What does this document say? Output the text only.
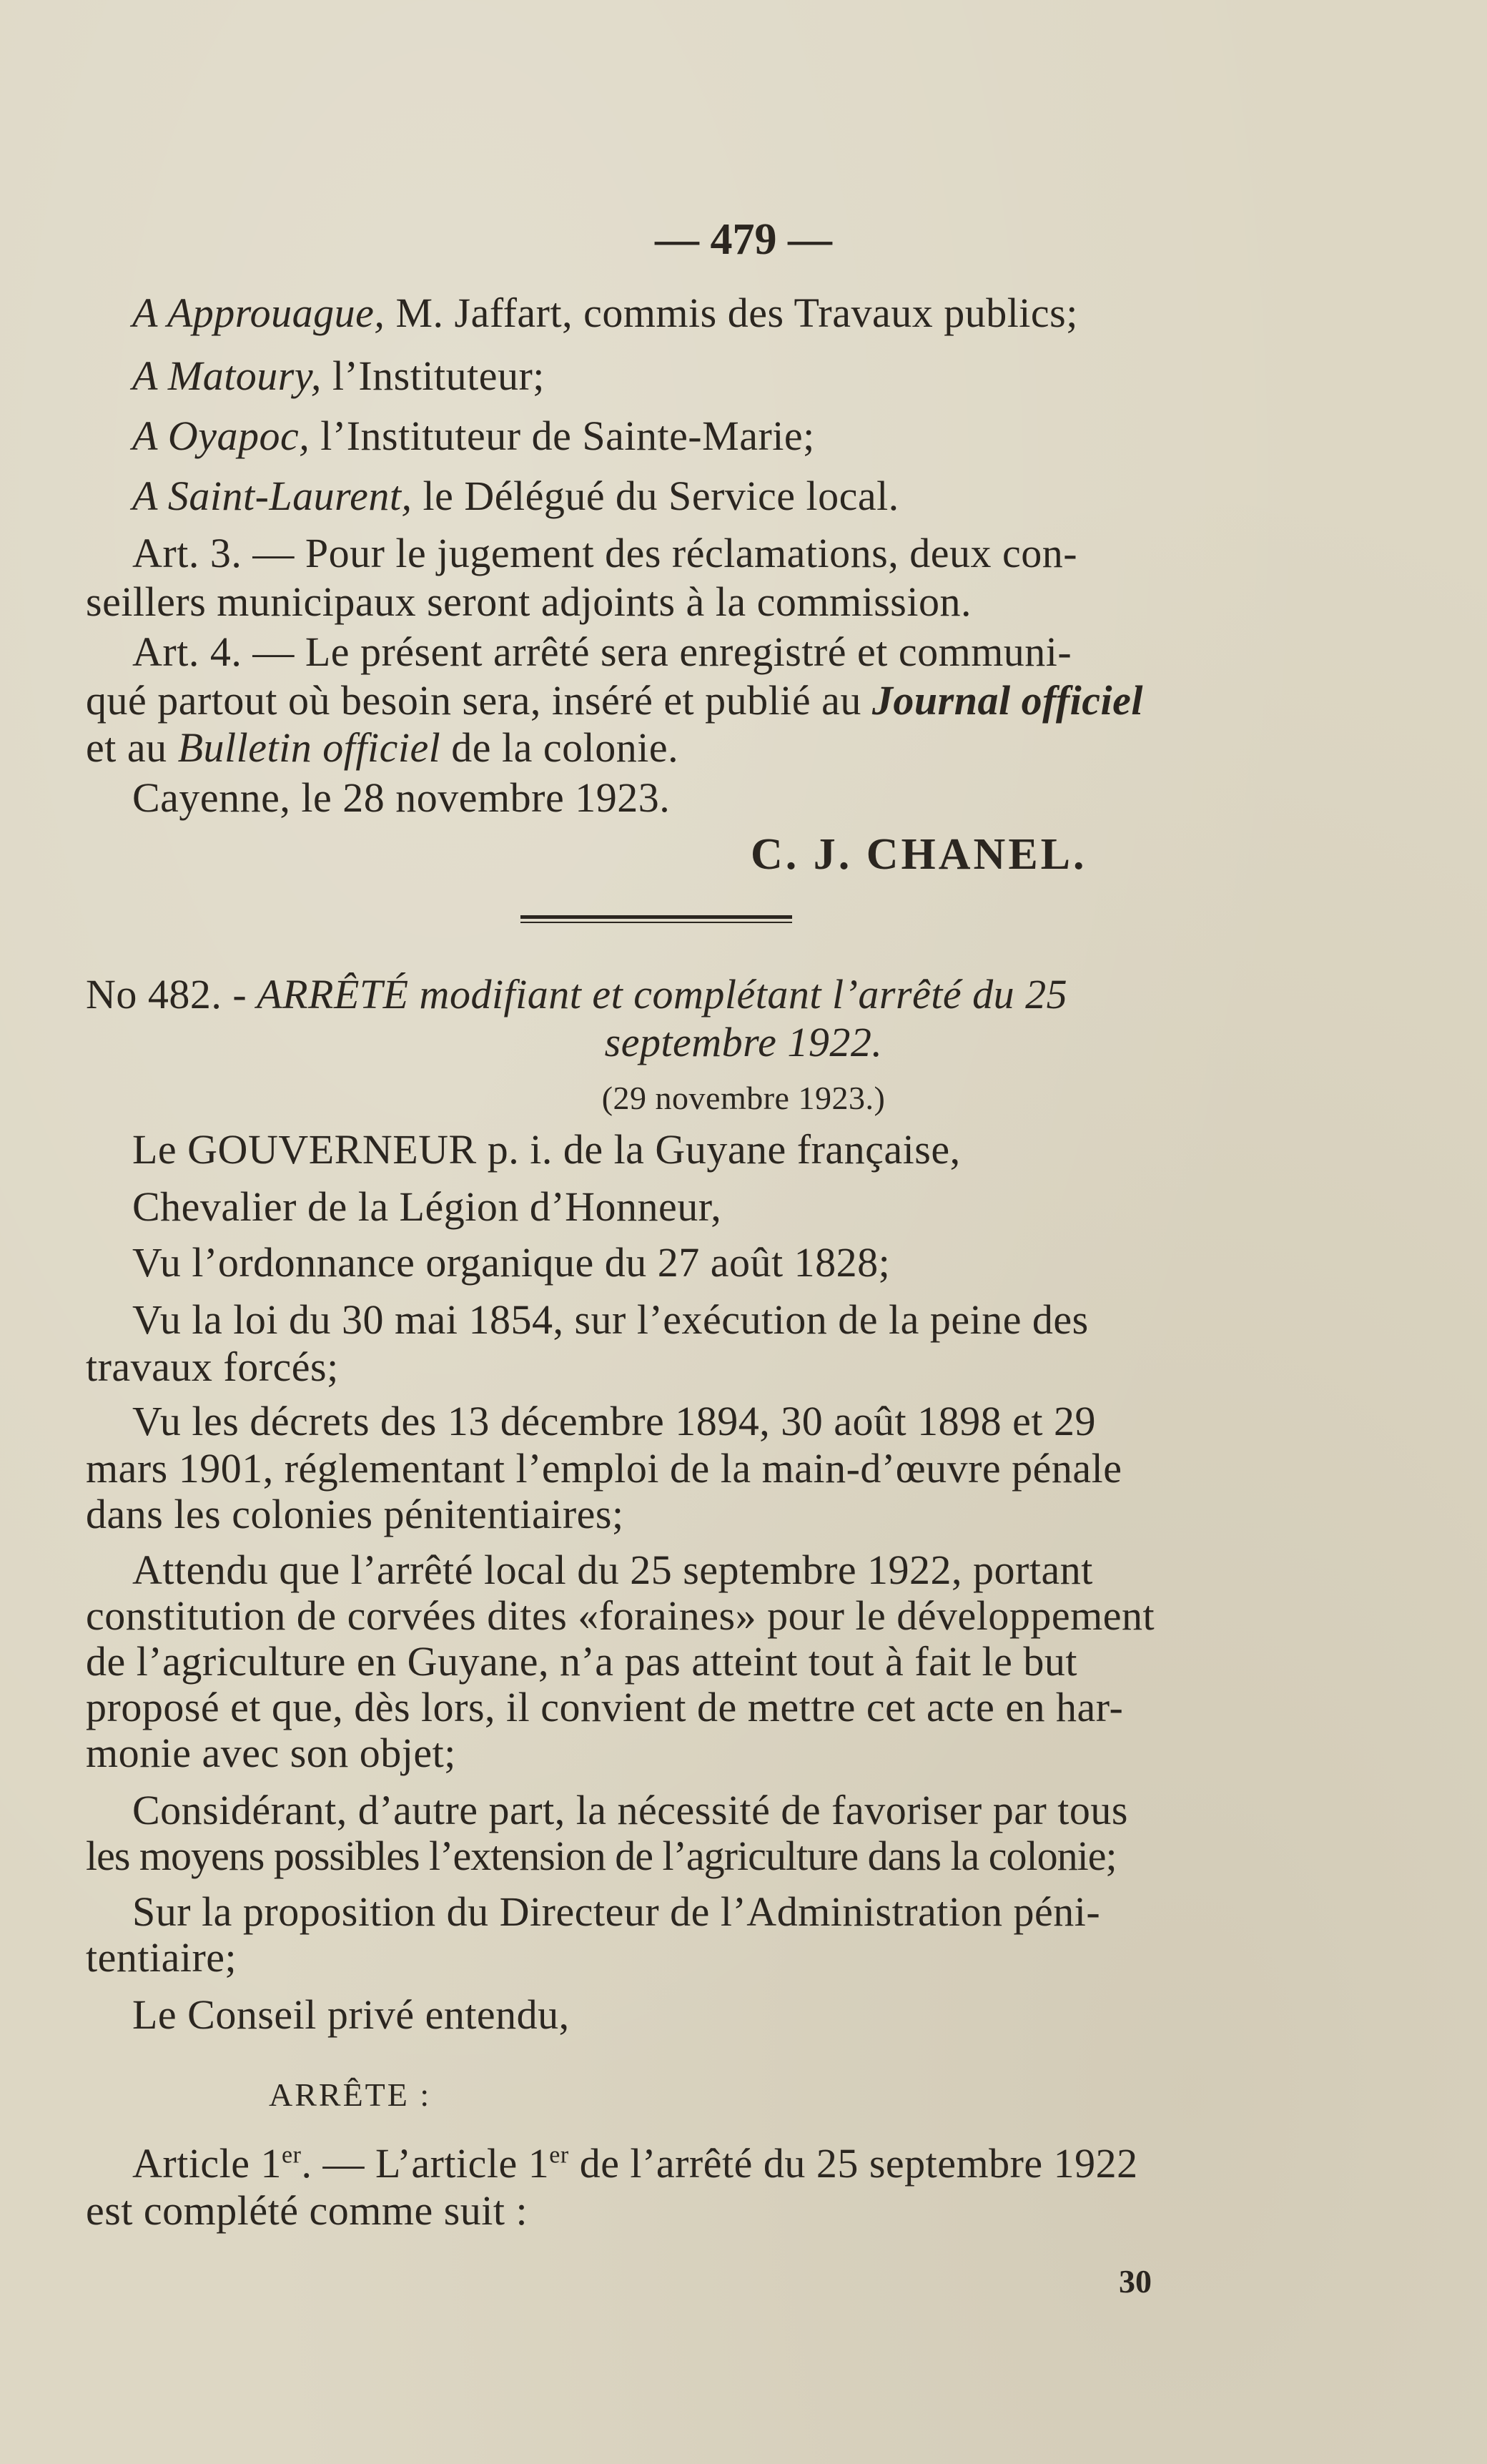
— 479 —
A Approuague, M. Jaffart, commis des Travaux publics;
A Matoury, l’Instituteur;
A Oyapoc, l’Instituteur de Sainte-Marie;
A Saint-Laurent, le Délégué du Service local.
Art. 3. — Pour le jugement des réclamations, deux con-
seillers municipaux seront adjoints à la commission.
Art. 4. — Le présent arrêté sera enregistré et communi-
qué partout où besoin sera, inséré et publié au Journal officiel
et au Bulletin officiel de la colonie.
Cayenne, le 28 novembre 1923.
C. J. CHANEL.
No 482. - ARRÊTÉ modifiant et complétant l’arrêté du 25
septembre 1922.
(29 novembre 1923.)
Le GOUVERNEUR p. i. de la Guyane française,
Chevalier de la Légion d’Honneur,
Vu l’ordonnance organique du 27 août 1828;
Vu la loi du 30 mai 1854, sur l’exécution de la peine des
travaux forcés;
Vu les décrets des 13 décembre 1894, 30 août 1898 et 29
mars 1901, réglementant l’emploi de la main-d’œuvre pénale
dans les colonies pénitentiaires;
Attendu que l’arrêté local du 25 septembre 1922, portant
constitution de corvées dites «foraines» pour le développement
de l’agriculture en Guyane, n’a pas atteint tout à fait le but
proposé et que, dès lors, il convient de mettre cet acte en har-
monie avec son objet;
Considérant, d’autre part, la nécessité de favoriser par tous
les moyens possibles l’extension de l’agriculture dans la colonie;
Sur la proposition du Directeur de l’Administration péni-
tentiaire;
Le Conseil privé entendu,
ARRÊTE :
Article 1er. — L’article 1er de l’arrêté du 25 septembre 1922
est complété comme suit :
30
